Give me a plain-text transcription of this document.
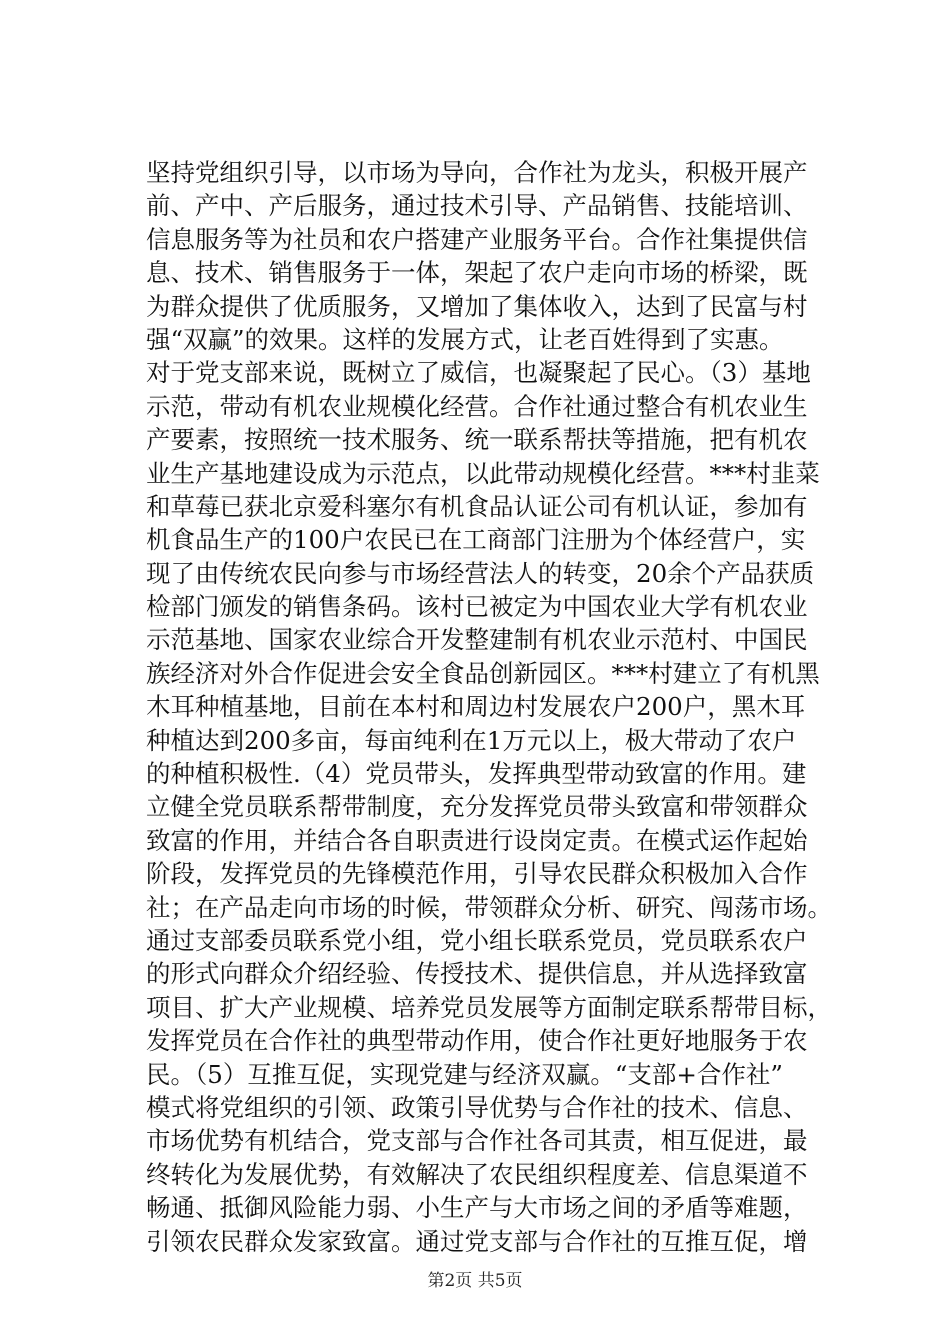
坚持党组织引导，以市场为导向，合作社为龙头，积极开展产
前、产中、产后服务，通过技术引导、产品销售、技能培训、
信息服务等为社员和农户搭建产业服务平台。合作社集提供信
息、技术、销售服务于一体，架起了农户走向市场的桥梁，既
为群众提供了优质服务，又增加了集体收入，达到了民富与村
强“双赢”的效果。这样的发展方式，让老百姓得到了实惠。
对于党支部来说，既树立了威信，也凝聚起了民心。（3）基地
示范，带动有机农业规模化经营。合作社通过整合有机农业生
产要素，按照统一技术服务、统一联系帮扶等措施，把有机农
业生产基地建设成为示范点，以此带动规模化经营。***村韭菜
和草莓已获北京爱科塞尔有机食品认证公司有机认证，参加有
机食品生产的100户农民已在工商部门注册为个体经营户，实
现了由传统农民向参与市场经营法人的转变，20余个产品获质
检部门颁发的销售条码。该村已被定为中国农业大学有机农业
示范基地、国家农业综合开发整建制有机农业示范村、中国民
族经济对外合作促进会安全食品创新园区。***村建立了有机黑
木耳种植基地，目前在本村和周边村发展农户200户，黑木耳
种植达到200多亩，每亩纯利在1万元以上，极大带动了农户
的种植积极性.（4）党员带头，发挥典型带动致富的作用。建
立健全党员联系帮带制度，充分发挥党员带头致富和带领群众
致富的作用，并结合各自职责进行设岗定责。在模式运作起始
阶段，发挥党员的先锋模范作用，引导农民群众积极加入合作
社；在产品走向市场的时候，带领群众分析、研究、闯荡市场。
通过支部委员联系党小组，党小组长联系党员，党员联系农户
的形式向群众介绍经验、传授技术、提供信息，并从选择致富
项目、扩大产业规模、培养党员发展等方面制定联系帮带目标，
发挥党员在合作社的典型带动作用，使合作社更好地服务于农
民。（5）互推互促，实现党建与经济双赢。“支部+合作社”
模式将党组织的引领、政策引导优势与合作社的技术、信息、
市场优势有机结合，党支部与合作社各司其责，相互促进，最
终转化为发展优势，有效解决了农民组织程度差、信息渠道不
畅通、抵御风险能力弱、小生产与大市场之间的矛盾等难题，
引领农民群众发家致富。通过党支部与合作社的互推互促，增
第2页 共5页
